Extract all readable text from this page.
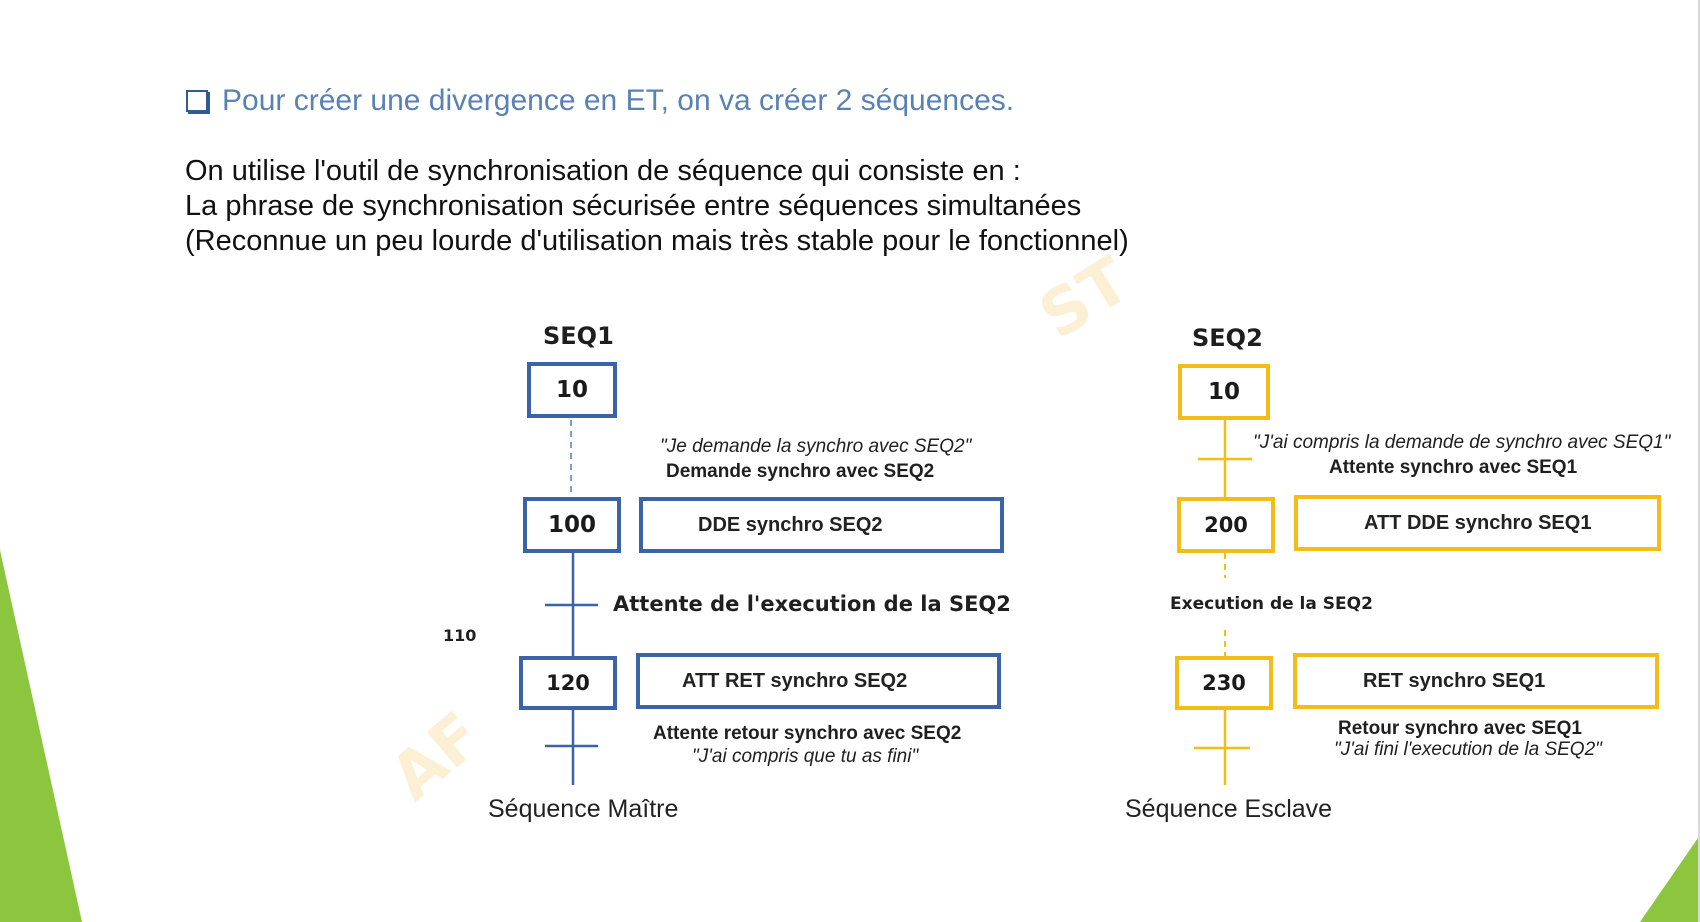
Pour créer une divergence en ET, on va créer 2 séquences.
On utilise l'outil de synchronisation de séquence qui consiste en :
La phrase de synchronisation sécurisée entre séquences simultanées
(Reconnue un peu lourde d'utilisation mais très stable pour le fonctionnel)
ST
AF
SEQ1
10
"Je demande la synchro avec SEQ2"
Demande synchro avec SEQ2
100	DDE synchro SEQ2
Attente de l'execution de la SEQ2
110
120	ATT RET synchro SEQ2
Attente retour synchro avec SEQ2
"J'ai compris que tu as fini"
Séquence Maître
SEQ2
10
"J'ai compris la demande de synchro avec SEQ1"
Attente synchro avec SEQ1
200	ATT DDE synchro SEQ1
Execution de la SEQ2
230	RET synchro SEQ1
Retour synchro avec SEQ1
"J'ai fini l'execution de la SEQ2"
Séquence Esclave
